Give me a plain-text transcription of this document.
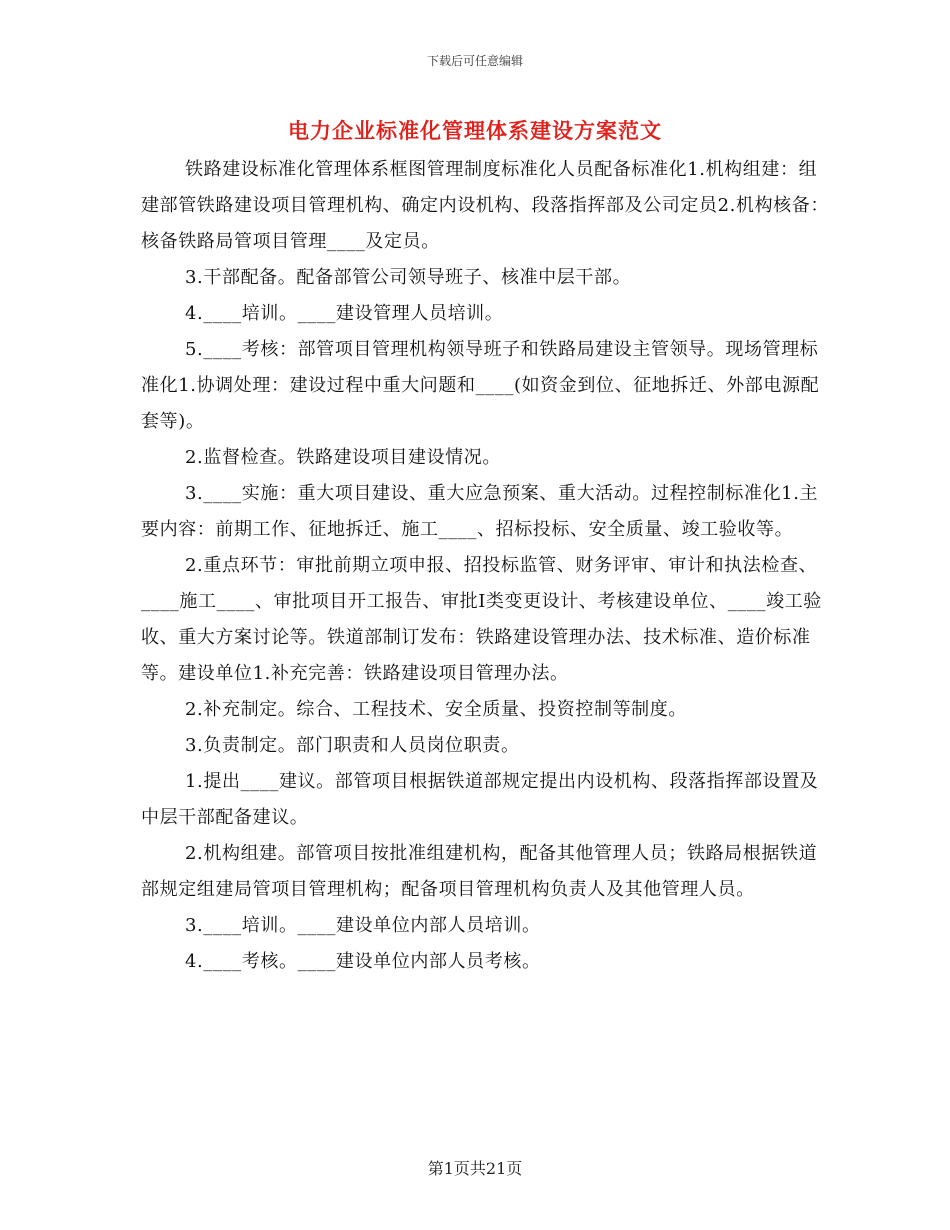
下载后可任意编辑
电力企业标准化管理体系建设方案范文

铁路建设标准化管理体系框图管理制度标准化人员配备标准化1.机构组建：组建部管铁路建设项目管理机构、确定内设机构、段落指挥部及公司定员2.机构核备：核备铁路局管项目管理____及定员。

3.干部配备。配备部管公司领导班子、核准中层干部。

4.____培训。____建设管理人员培训。

5.____考核：部管项目管理机构领导班子和铁路局建设主管领导。现场管理标准化1.协调处理：建设过程中重大问题和____(如资金到位、征地拆迁、外部电源配套等)。

2.监督检查。铁路建设项目建设情况。

3.____实施：重大项目建设、重大应急预案、重大活动。过程控制标准化1.主要内容：前期工作、征地拆迁、施工____、招标投标、安全质量、竣工验收等。

2.重点环节：审批前期立项申报、招投标监管、财务评审、审计和执法检查、____施工____、审批项目开工报告、审批Ⅰ类变更设计、考核建设单位、____竣工验收、重大方案讨论等。铁道部制订发布：铁路建设管理办法、技术标准、造价标准等。建设单位1.补充完善：铁路建设项目管理办法。

2.补充制定。综合、工程技术、安全质量、投资控制等制度。

3.负责制定。部门职责和人员岗位职责。

1.提出____建议。部管项目根据铁道部规定提出内设机构、段落指挥部设置及中层干部配备建议。

2.机构组建。部管项目按批准组建机构，配备其他管理人员；铁路局根据铁道部规定组建局管项目管理机构；配备项目管理机构负责人及其他管理人员。

3.____培训。____建设单位内部人员培训。

4.____考核。____建设单位内部人员考核。

第1页共21页
